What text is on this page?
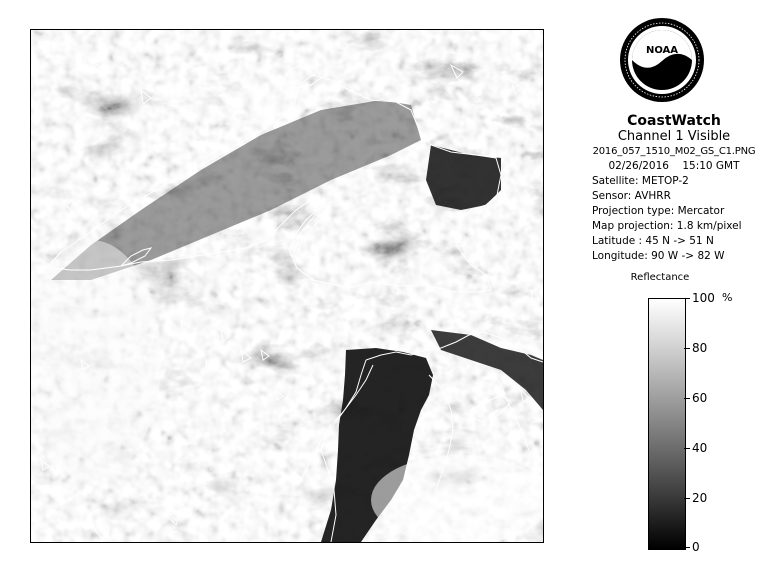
NOAA
CoastWatch
Channel 1 Visible
2016_057_1510_M02_GS_C1.PNG
02/26/2016 15:10 GMT
Satellite: METOP-2
Sensor: AVHRR
Projection type: Mercator
Map projection: 1.8 km/pixel
Latitude : 45 N -> 51 N
Longitude: 90 W -> 82 W
Reflectance
%
100
80
60
40
20
0
